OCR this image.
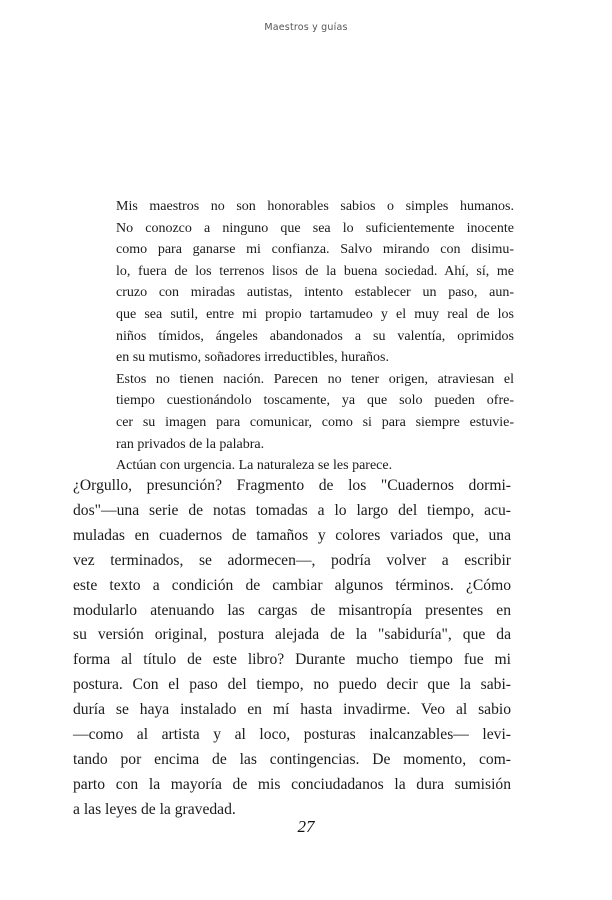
Maestros y guías
Mis maestros no son honorables sabios o simples humanos.
No conozco a ninguno que sea lo suficientemente inocente
como para ganarse mi confianza. Salvo mirando con disimu-
lo, fuera de los terrenos lisos de la buena sociedad. Ahí, sí, me
cruzo con miradas autistas, intento establecer un paso, aun-
que sea sutil, entre mi propio tartamudeo y el muy real de los
niños tímidos, ángeles abandonados a su valentía, oprimidos
en su mutismo, soñadores irreductibles, huraños.
Estos no tienen nación. Parecen no tener origen, atraviesan el
tiempo cuestionándolo toscamente, ya que solo pueden ofre-
cer su imagen para comunicar, como si para siempre estuvie-
ran privados de la palabra.
Actúan con urgencia. La naturaleza se les parece.
¿Orgullo, presunción? Fragmento de los "Cuadernos dormi-
dos"—una serie de notas tomadas a lo largo del tiempo, acu-
muladas en cuadernos de tamaños y colores variados que, una
vez terminados, se adormecen—, podría volver a escribir
este texto a condición de cambiar algunos términos. ¿Cómo
modularlo atenuando las cargas de misantropía presentes en
su versión original, postura alejada de la "sabiduría", que da
forma al título de este libro? Durante mucho tiempo fue mi
postura. Con el paso del tiempo, no puedo decir que la sabi-
duría se haya instalado en mí hasta invadirme. Veo al sabio
—como al artista y al loco, posturas inalcanzables— levi-
tando por encima de las contingencias. De momento, com-
parto con la mayoría de mis conciudadanos la dura sumisión
a las leyes de la gravedad.
27
